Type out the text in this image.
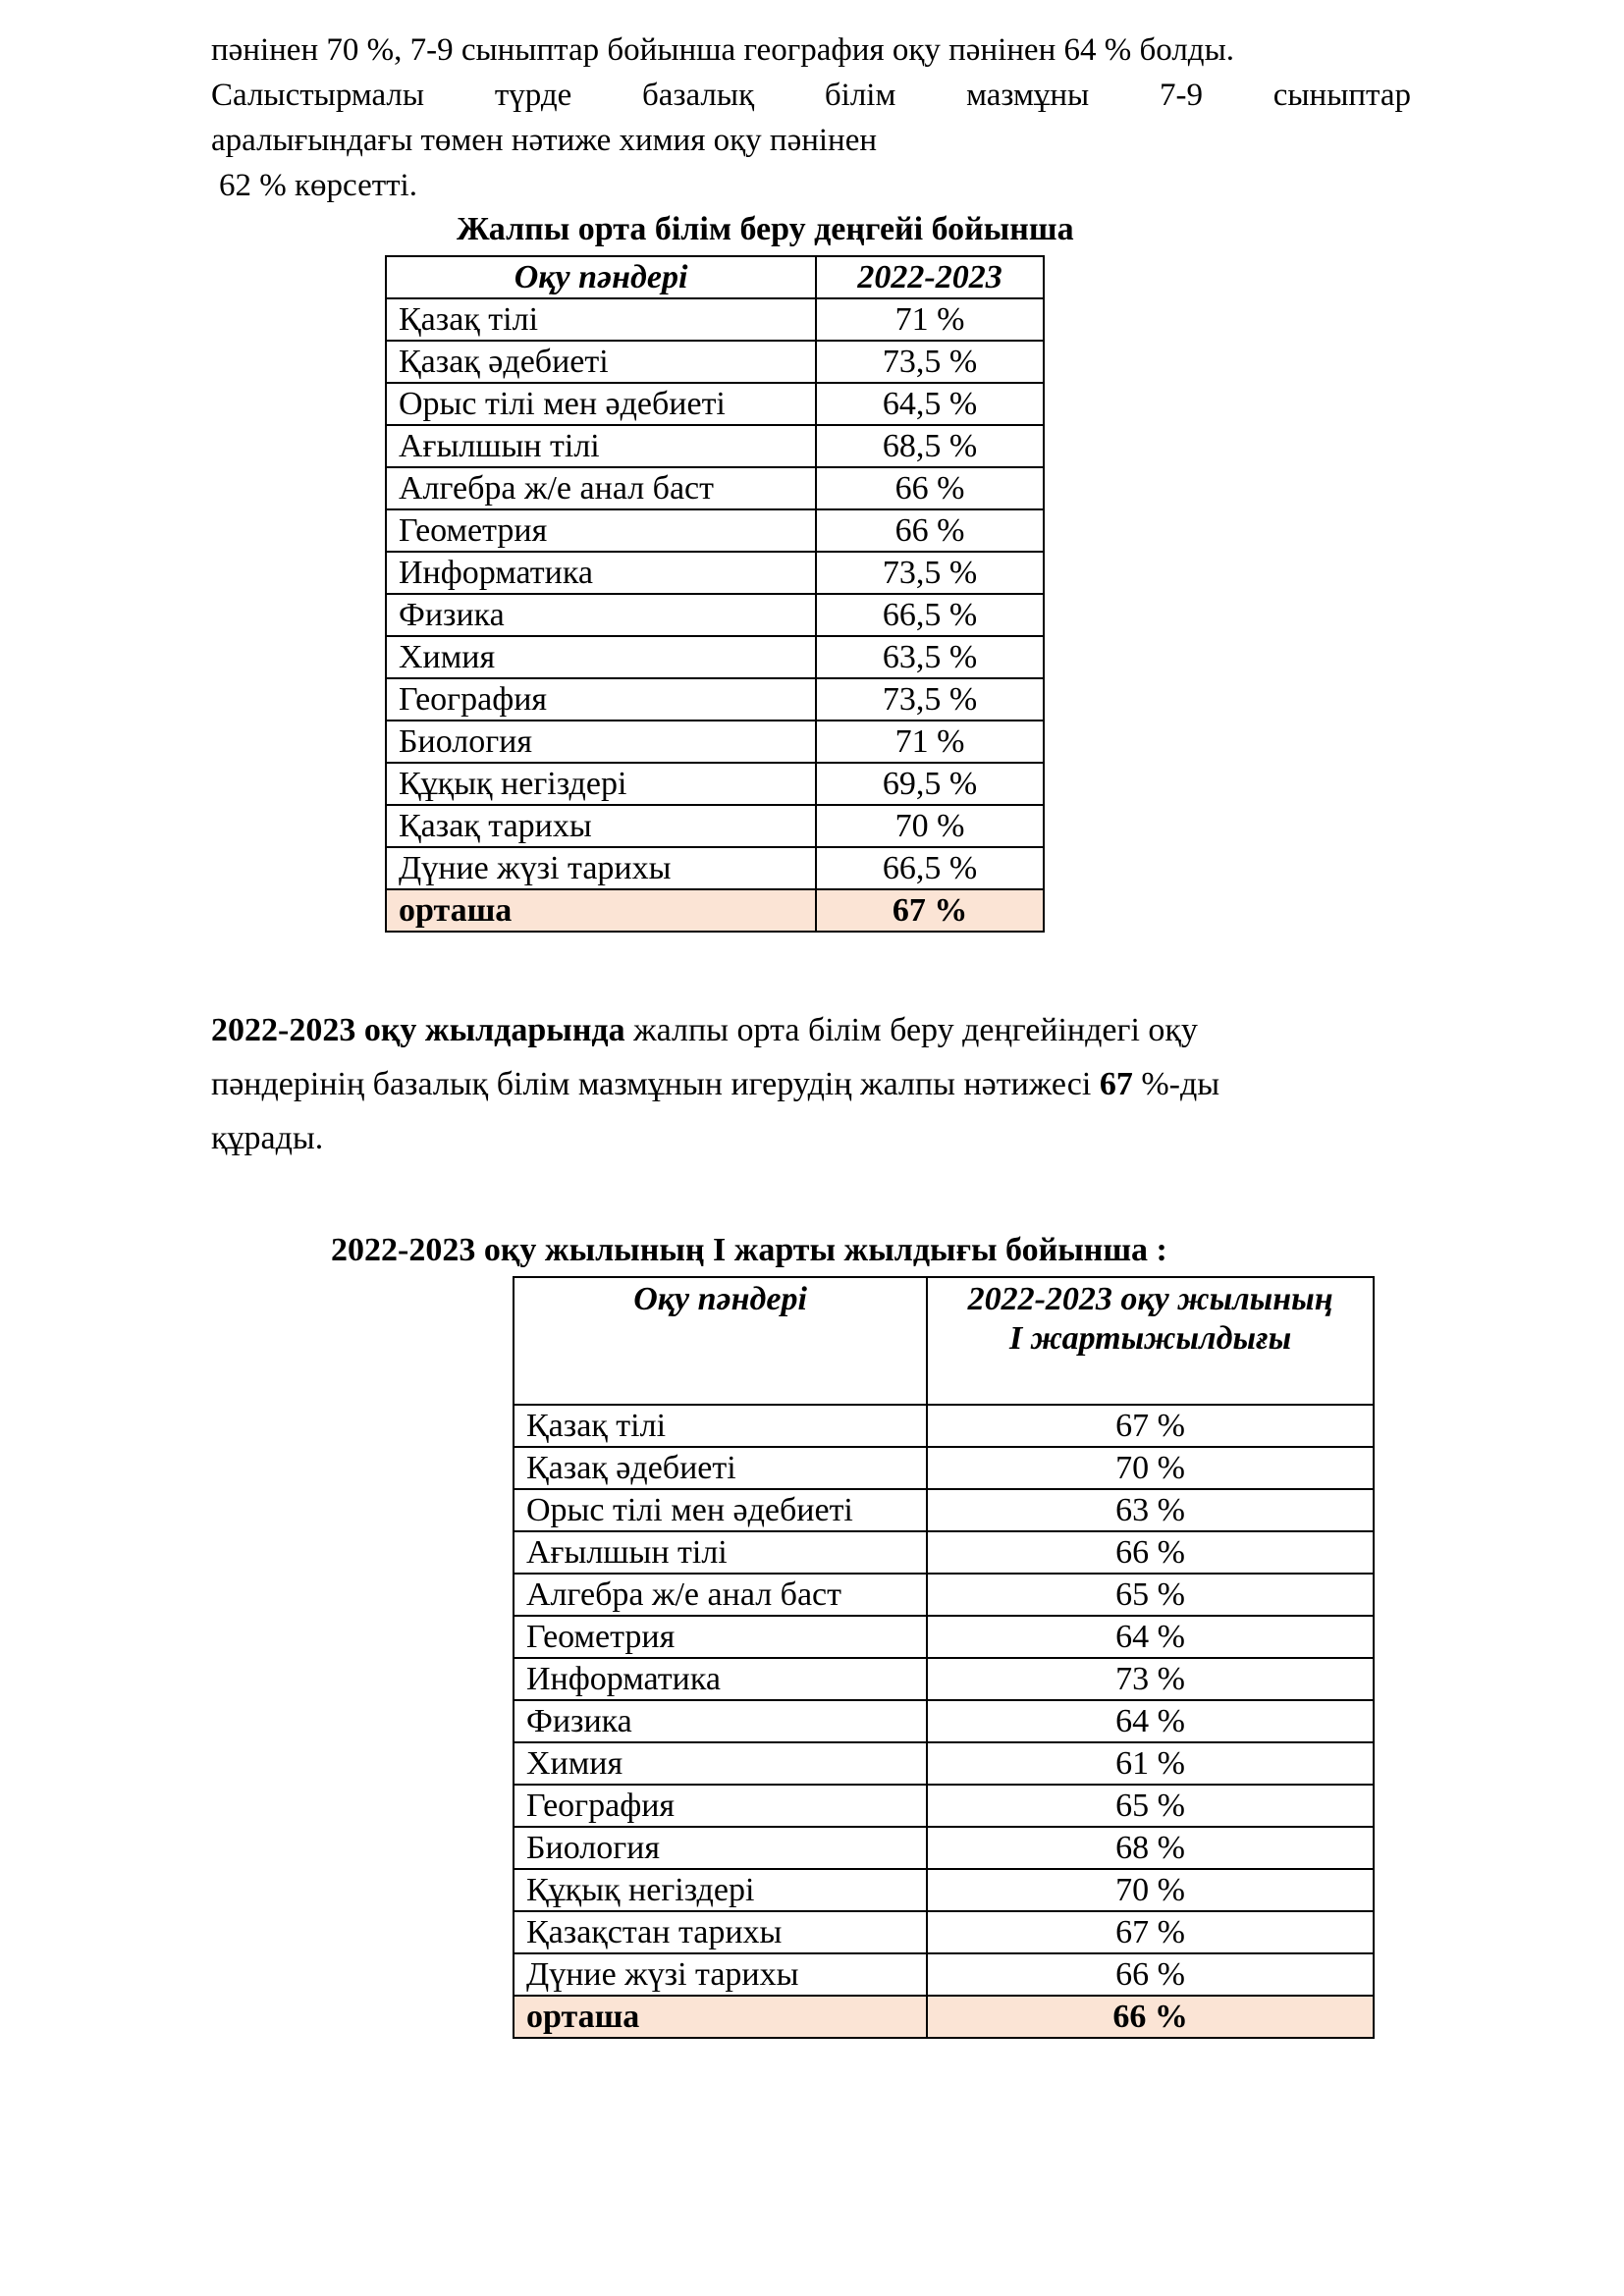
пәнінен 70 %, 7-9 сыныптар бойынша география оқу пәнінен 64 % болды.
Салыстырмалы түрде базалық білім мазмұны 7-9 сыныптар
аралығындағы төмен нәтиже химия оқу пәнінен
62 % көрсетті.
Жалпы орта білім беру деңгейі бойынша
Оқу пәндері	2022-2023
Қазақ тілі	71 %
Қазақ әдебиеті	73,5 %
Орыс тілі мен әдебиеті	64,5 %
Ағылшын тілі	68,5 %
Алгебра ж/е анал баст	66 %
Геометрия	66 %
Информатика	73,5 %
Физика	66,5 %
Химия	63,5 %
География	73,5 %
Биология	71 %
Құқық негіздері	69,5 %
Қазақ тарихы	70 %
Дүние жүзі тарихы	66,5 %
орташа	67 %
2022-2023 оқу жылдарында жалпы орта білім беру деңгейіндегі оқу
пәндерінің базалық білім мазмұнын игерудің жалпы нәтижесі 67 %-ды
құрады.
2022-2023 оқу жылының І жарты жылдығы бойынша :
Оқу пәндері	2022-2023 оқу жылының І жартыжылдығы
Қазақ тілі	67 %
Қазақ әдебиеті	70 %
Орыс тілі мен әдебиеті	63 %
Ағылшын тілі	66 %
Алгебра ж/е анал баст	65 %
Геометрия	64 %
Информатика	73 %
Физика	64 %
Химия	61 %
География	65 %
Биология	68 %
Құқық негіздері	70 %
Қазақстан тарихы	67 %
Дүние жүзі тарихы	66 %
орташа	66 %
